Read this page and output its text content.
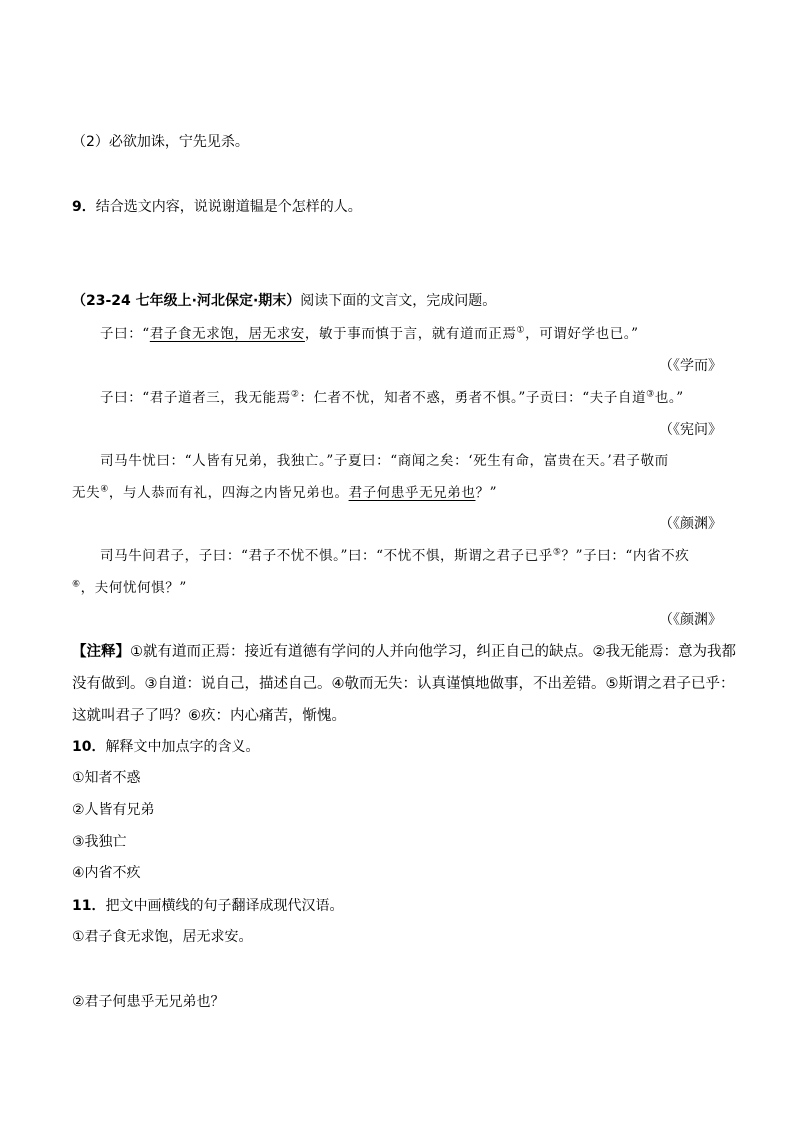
（2）必欲加诛，宁先见杀。
9．结合选文内容，说说谢道韫是个怎样的人。
（23-24 七年级上·河北保定·期末）阅读下面的文言文，完成问题。
子曰：“君子食无求饱，居无求安，敏于事而慎于言，就有道而正焉①，可谓好学也已。”
（《学而》
子曰：“君子道者三，我无能焉②：仁者不忧，知者不惑，勇者不惧。”子贡曰：“夫子自道③也。”
（《宪问》
司马牛忧曰：“人皆有兄弟，我独亡。”子夏曰：“商闻之矣：‘死生有命，富贵在天。’君子敬而
无失④，与人恭而有礼，四海之内皆兄弟也。君子何患乎无兄弟也？”
（《颜渊》
司马牛问君子，子曰：“君子不忧不惧。”曰：“不忧不惧，斯谓之君子已乎⑤？”子曰：“内省不疚
⑥，夫何忧何惧？”
（《颜渊》
【注释】①就有道而正焉：接近有道德有学问的人并向他学习，纠正自己的缺点。②我无能焉：意为我都
没有做到。③自道：说自己，描述自己。④敬而无失：认真谨慎地做事，不出差错。⑤斯谓之君子已乎：
这就叫君子了吗？⑥疚：内心痛苦，惭愧。
10．解释文中加点字的含义。
①知者不惑
②人皆有兄弟
③我独亡
④内省不疚
11．把文中画横线的句子翻译成现代汉语。
①君子食无求饱，居无求安。
②君子何患乎无兄弟也？
